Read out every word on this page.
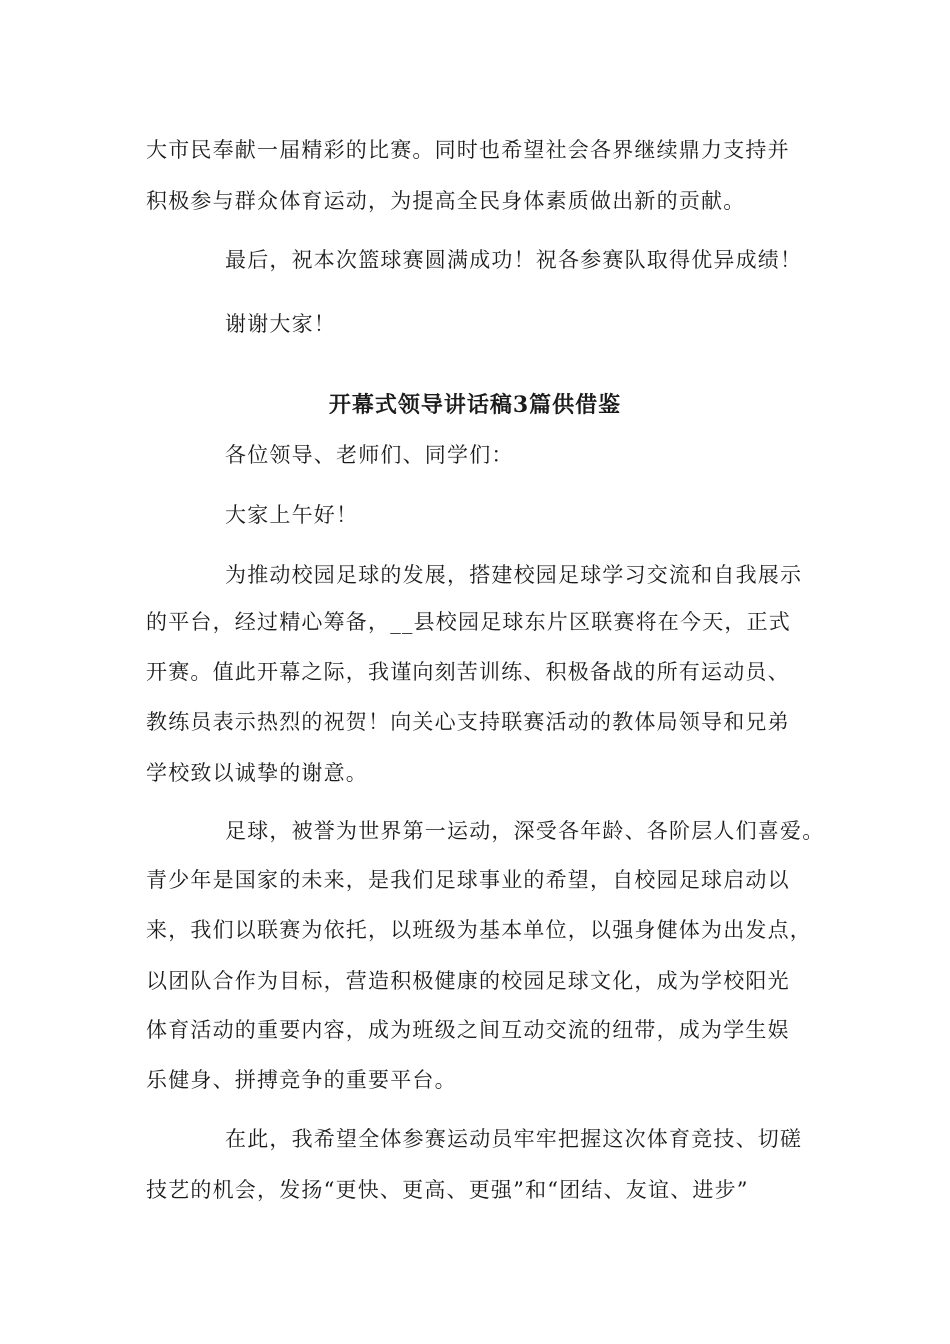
大市民奉献一届精彩的比赛。同时也希望社会各界继续鼎力支持并
积极参与群众体育运动，为提高全民身体素质做出新的贡献。
最后，祝本次篮球赛圆满成功！祝各参赛队取得优异成绩！
谢谢大家！
开幕式领导讲话稿3篇供借鉴
各位领导、老师们、同学们：
大家上午好！
为推动校园足球的发展，搭建校园足球学习交流和自我展示
的平台，经过精心筹备，__县校园足球东片区联赛将在今天，正式
开赛。值此开幕之际，我谨向刻苦训练、积极备战的所有运动员、
教练员表示热烈的祝贺！向关心支持联赛活动的教体局领导和兄弟
学校致以诚挚的谢意。
足球，被誉为世界第一运动，深受各年龄、各阶层人们喜爱。
青少年是国家的未来，是我们足球事业的希望，自校园足球启动以
来，我们以联赛为依托，以班级为基本单位，以强身健体为出发点，
以团队合作为目标，营造积极健康的校园足球文化，成为学校阳光
体育活动的重要内容，成为班级之间互动交流的纽带，成为学生娱
乐健身、拼搏竞争的重要平台。
在此，我希望全体参赛运动员牢牢把握这次体育竞技、切磋
技艺的机会，发扬“更快、更高、更强”和“团结、友谊、进步”
